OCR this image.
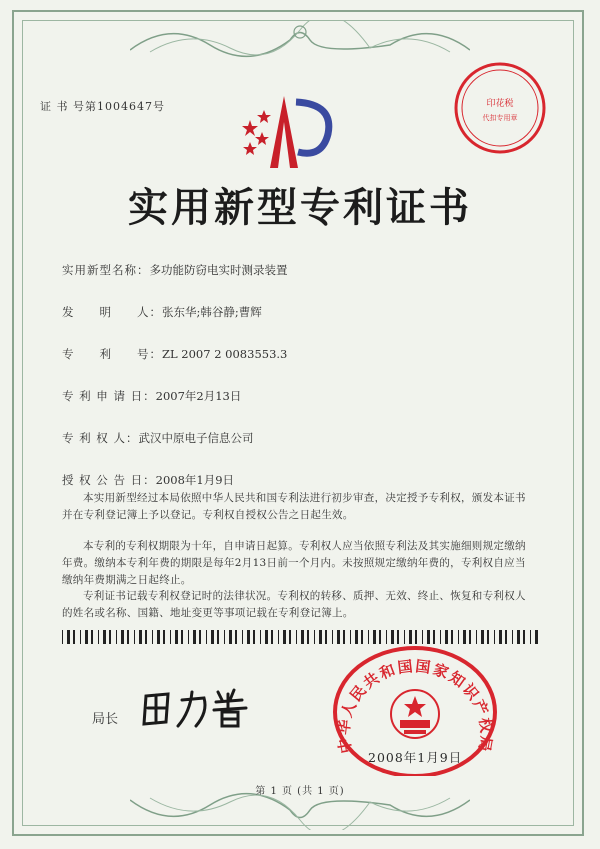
证 书 号第1004647号	印花税
代扣专用章
实用新型专利证书
实用新型名称：多功能防窃电实时测录装置
发　　明　　人：张东华;韩谷静;曹辉
专　　利　　号：ZL 2007 2 0083553.3
专 利 申 请 日：2007年2月13日
专 利 权 人：武汉中原电子信息公司
授 权 公 告 日：2008年1月9日

本实用新型经过本局依照中华人民共和国专利法进行初步审查，决定授予专利权，颁发本证书并在专利登记簿上予以登记。专利权自授权公告之日起生效。

本专利的专利权期限为十年，自申请日起算。专利权人应当依照专利法及其实施细则规定缴纳年费。缴纳本专利年费的期限是每年2月13日前一个月内。未按照规定缴纳年费的，专利权自应当缴纳年费期满之日起终止。

专利证书记载专利权登记时的法律状况。专利权的转移、质押、无效、终止、恢复和专利权人的姓名或名称、国籍、地址变更等事项记载在专利登记簿上。

局长
中华人民共和国国家知识产权局
2008年1月9日
第 1 页 (共 1 页)
